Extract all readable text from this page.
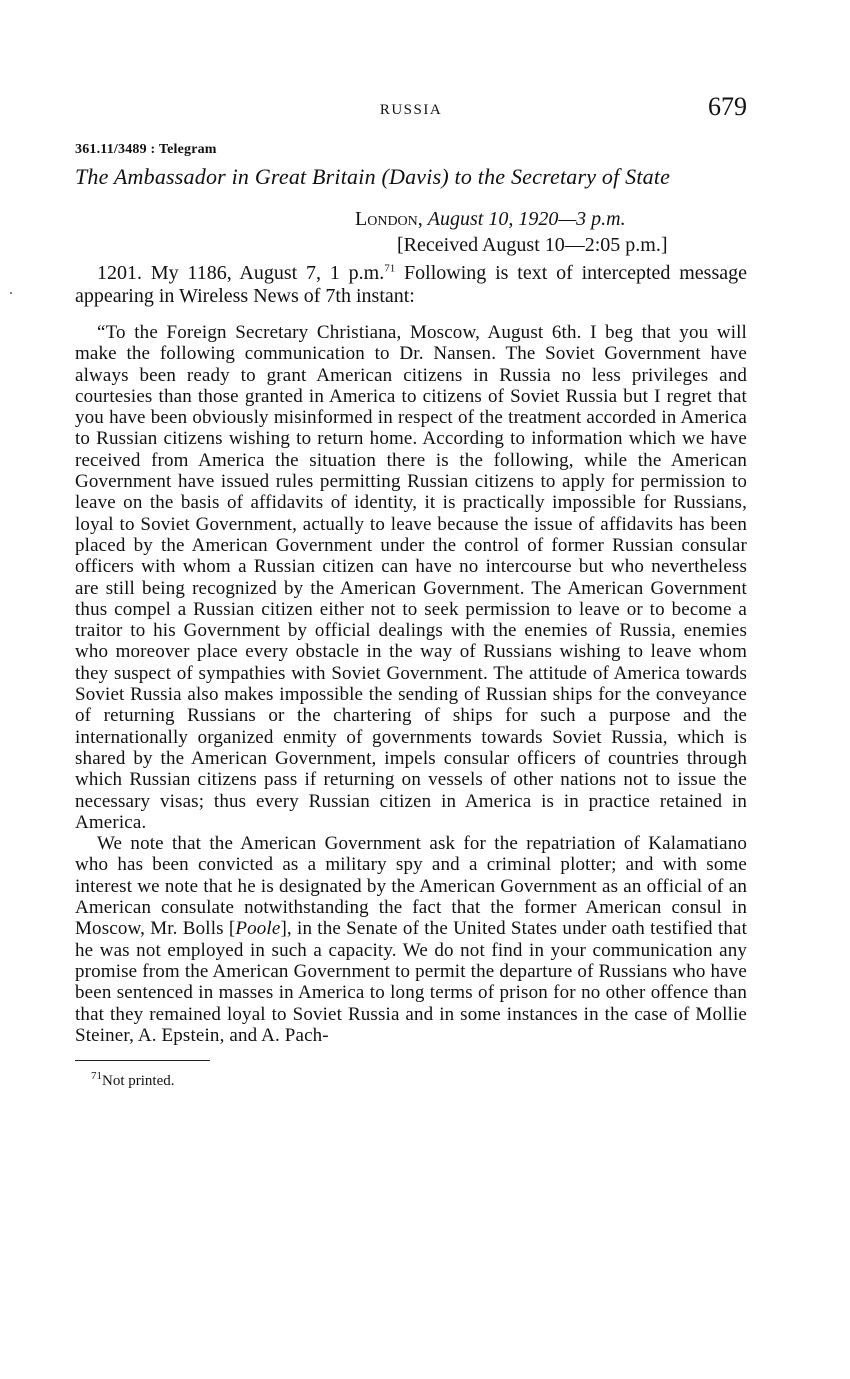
RUSSIA	679
361.11/3489 : Telegram
The Ambassador in Great Britain (Davis) to the Secretary of State
London, August 10, 1920—3 p.m.
[Received August 10—2:05 p.m.]
1201. My 1186, August 7, 1 p.m.$^{71}$ Following is text of intercepted message appearing in Wireless News of 7th instant:

“To the Foreign Secretary Christiana, Moscow, August 6th. I beg that you will make the following communication to Dr. Nansen. The Soviet Government have always been ready to grant American citizens in Russia no less privileges and courtesies than those granted in America to citizens of Soviet Russia but I regret that you have been obviously misinformed in respect of the treatment accorded in America to Russian citizens wishing to return home. According to information which we have received from America the situation there is the following, while the American Government have issued rules permitting Russian citizens to apply for permission to leave on the basis of affidavits of identity, it is practically impossible for Russians, loyal to Soviet Government, actually to leave because the issue of affidavits has been placed by the American Government under the control of former Russian consular officers with whom a Russian citizen can have no intercourse but who nevertheless are still being recognized by the American Government. The American Government thus compel a Russian citizen either not to seek permission to leave or to become a traitor to his Government by official dealings with the enemies of Russia, enemies who moreover place every obstacle in the way of Russians wishing to leave whom they suspect of sympathies with Soviet Government. The attitude of America towards Soviet Russia also makes impossible the sending of Russian ships for the conveyance of returning Russians or the chartering of ships for such a purpose and the internationally organized enmity of governments towards Soviet Russia, which is shared by the American Government, impels consular officers of countries through which Russian citizens pass if returning on vessels of other nations not to issue the necessary visas; thus every Russian citizen in America is in practice retained in America.

We note that the American Government ask for the repatriation of Kalamatiano who has been convicted as a military spy and a criminal plotter; and with some interest we note that he is designated by the American Government as an official of an American consulate notwithstanding the fact that the former American consul in Moscow, Mr. Bolls [Poole], in the Senate of the United States under oath testified that he was not employed in such a capacity. We do not find in your communication any promise from the American Government to permit the departure of Russians who have been sentenced in masses in America to long terms of prison for no other offence than that they remained loyal to Soviet Russia and in some instances in the case of Mollie Steiner, A. Epstein, and A. Pach-

$^{71}$Not printed.
